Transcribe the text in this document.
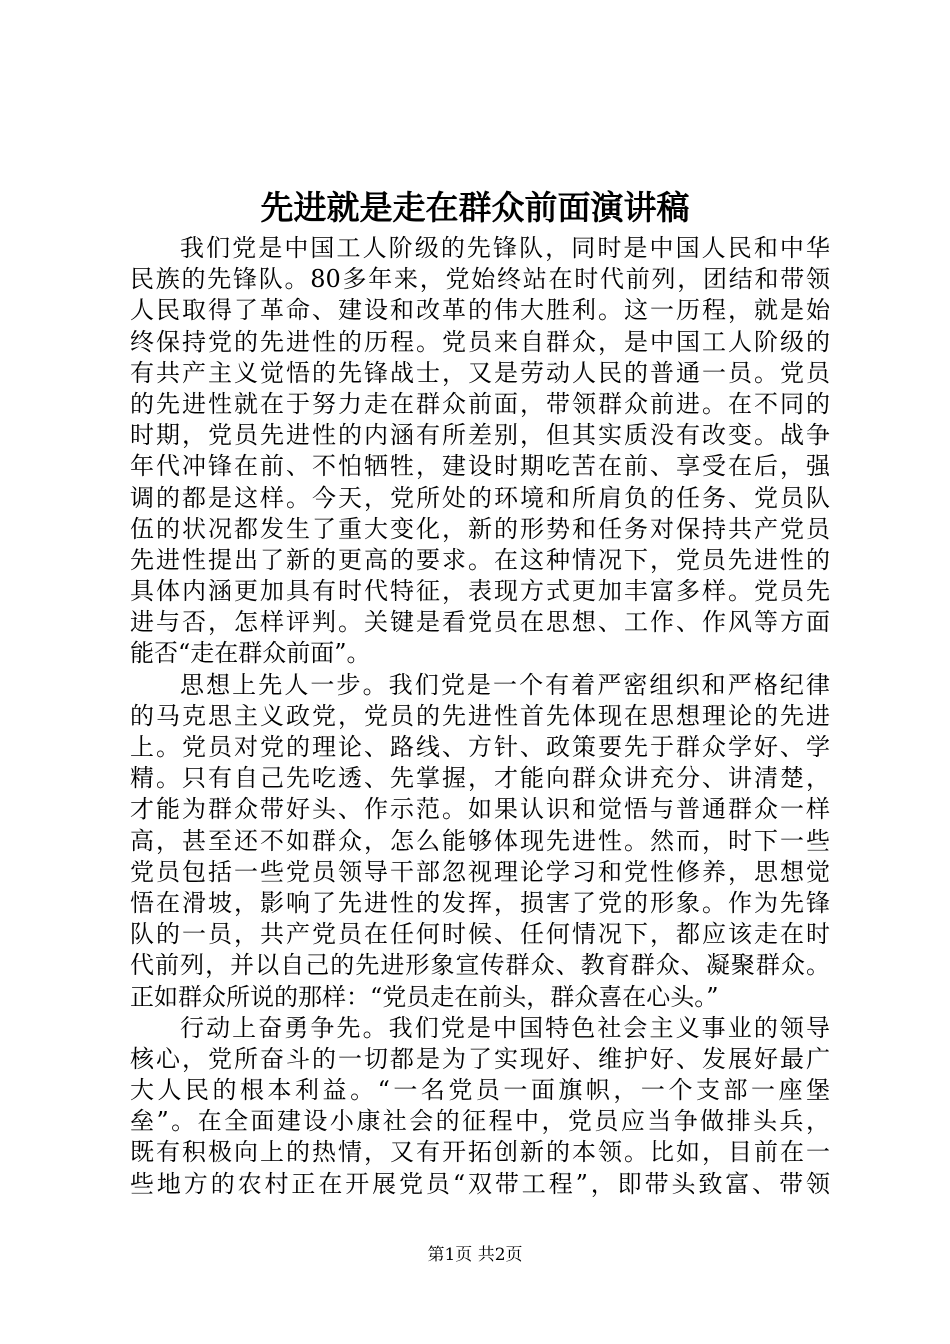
先进就是走在群众前面演讲稿
我们党是中国工人阶级的先锋队，同时是中国人民和中华
民族的先锋队。80多年来，党始终站在时代前列，团结和带领
人民取得了革命、建设和改革的伟大胜利。这一历程，就是始
终保持党的先进性的历程。党员来自群众，是中国工人阶级的
有共产主义觉悟的先锋战士，又是劳动人民的普通一员。党员
的先进性就在于努力走在群众前面，带领群众前进。在不同的
时期，党员先进性的内涵有所差别，但其实质没有改变。战争
年代冲锋在前、不怕牺牲，建设时期吃苦在前、享受在后，强
调的都是这样。今天，党所处的环境和所肩负的任务、党员队
伍的状况都发生了重大变化，新的形势和任务对保持共产党员
先进性提出了新的更高的要求。在这种情况下，党员先进性的
具体内涵更加具有时代特征，表现方式更加丰富多样。党员先
进与否，怎样评判。关键是看党员在思想、工作、作风等方面
能否“走在群众前面”。
思想上先人一步。我们党是一个有着严密组织和严格纪律
的马克思主义政党，党员的先进性首先体现在思想理论的先进
上。党员对党的理论、路线、方针、政策要先于群众学好、学
精。只有自己先吃透、先掌握，才能向群众讲充分、讲清楚，
才能为群众带好头、作示范。如果认识和觉悟与普通群众一样
高，甚至还不如群众，怎么能够体现先进性。然而，时下一些
党员包括一些党员领导干部忽视理论学习和党性修养，思想觉
悟在滑坡，影响了先进性的发挥，损害了党的形象。作为先锋
队的一员，共产党员在任何时候、任何情况下，都应该走在时
代前列，并以自己的先进形象宣传群众、教育群众、凝聚群众。
正如群众所说的那样：“党员走在前头，群众喜在心头。”
行动上奋勇争先。我们党是中国特色社会主义事业的领导
核心，党所奋斗的一切都是为了实现好、维护好、发展好最广
大人民的根本利益。“一名党员一面旗帜，一个支部一座堡
垒”。在全面建设小康社会的征程中，党员应当争做排头兵，
既有积极向上的热情，又有开拓创新的本领。比如，目前在一
些地方的农村正在开展党员“双带工程”，即带头致富、带领
第1页 共2页
